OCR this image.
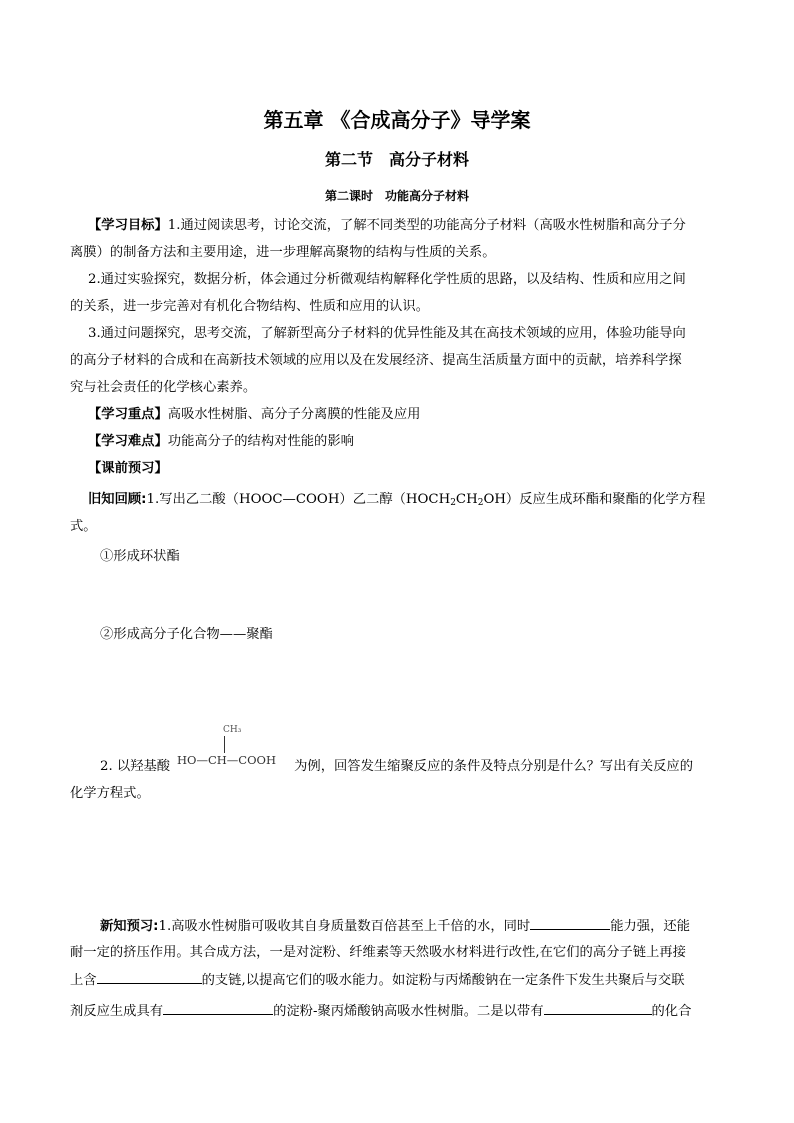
第五章 《合成高分子》导学案
第二节　高分子材料
第二课时　功能高分子材料
【学习目标】1.通过阅读思考，讨论交流，了解不同类型的功能高分子材料（高吸水性树脂和高分子分
离膜）的制备方法和主要用途，进一步理解高聚物的结构与性质的关系。
2.通过实验探究，数据分析，体会通过分析微观结构解释化学性质的思路，以及结构、性质和应用之间
的关系，进一步完善对有机化合物结构、性质和应用的认识。
3.通过问题探究，思考交流，了解新型高分子材料的优异性能及其在高技术领域的应用，体验功能导向
的高分子材料的合成和在高新技术领域的应用以及在发展经济、提高生活质量方面中的贡献，培养科学探
究与社会责任的化学核心素养。
【学习重点】高吸水性树脂、高分子分离膜的性能及应用
【学习难点】功能高分子的结构对性能的影响
【课前预习】
旧知回顾:1.写出乙二酸（HOOC—COOH）乙二醇$(HOCH_2CH_2OH)$反应生成环酯和聚酯的化学方程
式。
①形成环状酯
②形成高分子化合物——聚酯
CH₃
HO—CH—COOH
2. 以羟基酸	为例，回答发生缩聚反应的条件及特点分别是什么？写出有关反应的
化学方程式。
新知预习:1.高吸水性树脂可吸收其自身质量数百倍甚至上千倍的水，同时	能力强，还能
耐一定的挤压作用。其合成方法，一是对淀粉、纤维素等天然吸水材料进行改性,在它们的高分子链上再接
上含	的支链,以提高它们的吸水能力。如淀粉与丙烯酸钠在一定条件下发生共聚后与交联
剂反应生成具有	的淀粉-聚丙烯酸钠高吸水性树脂。二是以带有	的化合
